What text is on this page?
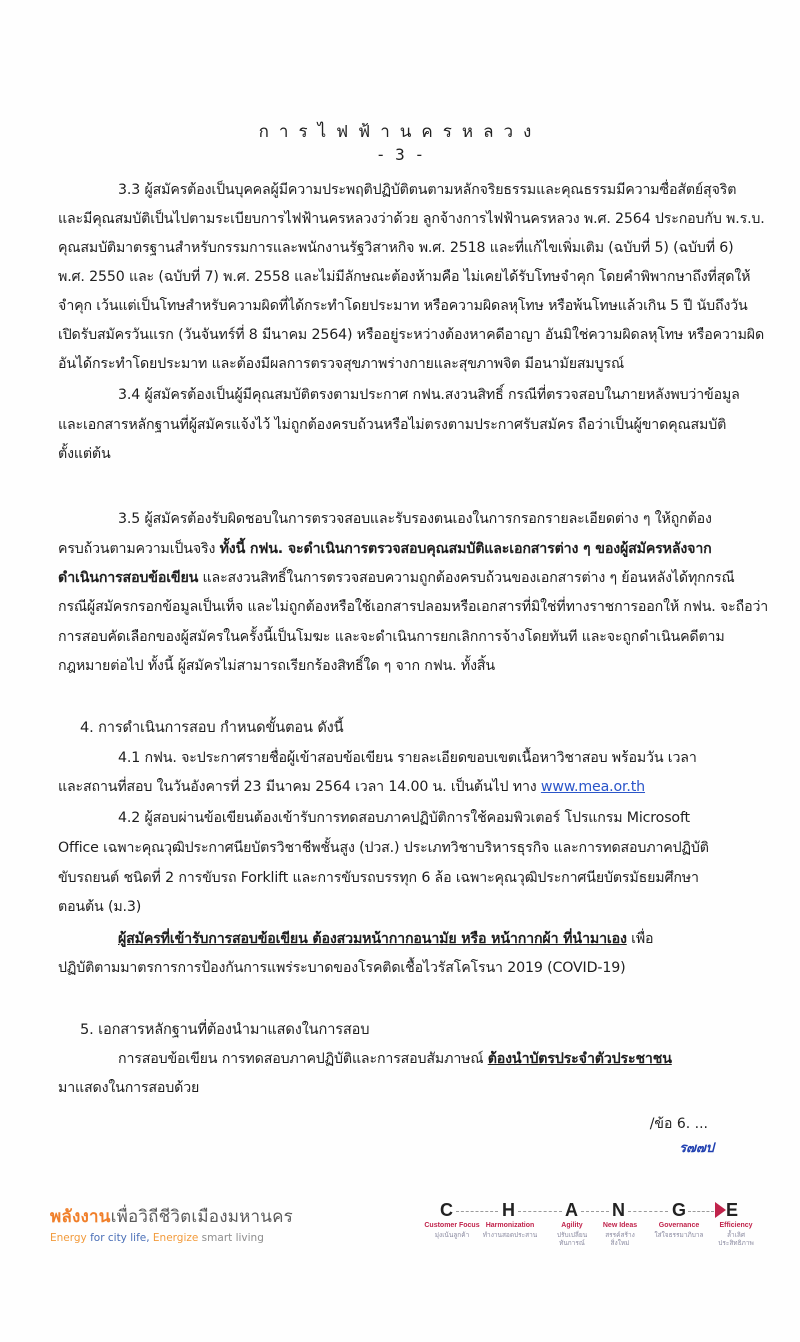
การไฟฟ้านครหลวง
- 3 -
3.3 ผู้สมัครต้องเป็นบุคคลผู้มีความประพฤติปฏิบัติตนตามหลักจริยธรรมและคุณธรรมมีความซื่อสัตย์สุจริต
และมีคุณสมบัติเป็นไปตามระเบียบการไฟฟ้านครหลวงว่าด้วย ลูกจ้างการไฟฟ้านครหลวง พ.ศ. 2564 ประกอบกับ พ.ร.บ.
คุณสมบัติมาตรฐานสำหรับกรรมการและพนักงานรัฐวิสาหกิจ พ.ศ. 2518 และที่แก้ไขเพิ่มเติม (ฉบับที่ 5) (ฉบับที่ 6)
พ.ศ. 2550 และ (ฉบับที่ 7) พ.ศ. 2558 และไม่มีลักษณะต้องห้ามคือ ไม่เคยได้รับโทษจำคุก โดยคำพิพากษาถึงที่สุดให้
จำคุก เว้นแต่เป็นโทษสำหรับความผิดที่ได้กระทำโดยประมาท หรือความผิดลหุโทษ หรือพ้นโทษแล้วเกิน 5 ปี นับถึงวัน
เปิดรับสมัครวันแรก (วันจันทร์ที่ 8 มีนาคม 2564) หรืออยู่ระหว่างต้องหาคดีอาญา อันมิใช่ความผิดลหุโทษ หรือความผิด
อันได้กระทำโดยประมาท และต้องมีผลการตรวจสุขภาพร่างกายและสุขภาพจิต มีอนามัยสมบูรณ์
3.4 ผู้สมัครต้องเป็นผู้มีคุณสมบัติตรงตามประกาศ กฟน.สงวนสิทธิ์ กรณีที่ตรวจสอบในภายหลังพบว่าข้อมูล
และเอกสารหลักฐานที่ผู้สมัครแจ้งไว้ ไม่ถูกต้องครบถ้วนหรือไม่ตรงตามประกาศรับสมัคร ถือว่าเป็นผู้ขาดคุณสมบัติ
ตั้งแต่ต้น
3.5 ผู้สมัครต้องรับผิดชอบในการตรวจสอบและรับรองตนเองในการกรอกรายละเอียดต่าง ๆ ให้ถูกต้อง
ครบถ้วนตามความเป็นจริง ทั้งนี้ กฟน. จะดำเนินการตรวจสอบคุณสมบัติและเอกสารต่าง ๆ ของผู้สมัครหลังจาก
ดำเนินการสอบข้อเขียน และสงวนสิทธิ์ในการตรวจสอบความถูกต้องครบถ้วนของเอกสารต่าง ๆ ย้อนหลังได้ทุกกรณี
กรณีผู้สมัครกรอกข้อมูลเป็นเท็จ และไม่ถูกต้องหรือใช้เอกสารปลอมหรือเอกสารที่มิใช่ที่ทางราชการออกให้ กฟน. จะถือว่า
การสอบคัดเลือกของผู้สมัครในครั้งนี้เป็นโมฆะ และจะดำเนินการยกเลิกการจ้างโดยทันที และจะถูกดำเนินคดีตาม
กฎหมายต่อไป ทั้งนี้ ผู้สมัครไม่สามารถเรียกร้องสิทธิ์ใด ๆ จาก กฟน. ทั้งสิ้น
4. การดำเนินการสอบ กำหนดขั้นตอน ดังนี้
4.1 กฟน. จะประกาศรายชื่อผู้เข้าสอบข้อเขียน รายละเอียดขอบเขตเนื้อหาวิชาสอบ พร้อมวัน เวลา
และสถานที่สอบ ในวันอังคารที่ 23 มีนาคม 2564 เวลา 14.00 น. เป็นต้นไป ทาง www.mea.or.th
4.2 ผู้สอบผ่านข้อเขียนต้องเข้ารับการทดสอบภาคปฏิบัติการใช้คอมพิวเตอร์ โปรแกรม Microsoft
Office เฉพาะคุณวุฒิประกาศนียบัตรวิชาชีพชั้นสูง (ปวส.) ประเภทวิชาบริหารธุรกิจ และการทดสอบภาคปฏิบัติ
ขับรถยนต์ ชนิดที่ 2 การขับรถ Forklift และการขับรถบรรทุก 6 ล้อ เฉพาะคุณวุฒิประกาศนียบัตรมัธยมศึกษา
ตอนต้น (ม.3)
ผู้สมัครที่เข้ารับการสอบข้อเขียน ต้องสวมหน้ากากอนามัย หรือ หน้ากากผ้า ที่นำมาเอง เพื่อ
ปฏิบัติตามมาตรการการป้องกันการแพร่ระบาดของโรคติดเชื้อไวรัสโคโรนา 2019 (COVID-19)
5. เอกสารหลักฐานที่ต้องนำมาแสดงในการสอบ
การสอบข้อเขียน การทดสอบภาคปฏิบัติและการสอบสัมภาษณ์ ต้องนำบัตรประจำตัวประชาชน
มาแสดงในการสอบด้วย
/ข้อ 6. ...
ร๗๗ป
พลังงานเพื่อวิถีชีวิตเมืองมหานคร
Energy for city life, Energize smart living
C	H	A N	G E
Customer Focus
มุ่งเน้นลูกค้า
Harmonization
ทำงานสอดประสาน
Agility
ปรับเปลี่ยนทันการณ์
New Ideas
สรรค์สร้างสิ่งใหม่
Governance
ใส่ใจธรรมาภิบาล
Efficiency
ล้ำเลิศประสิทธิภาพ
